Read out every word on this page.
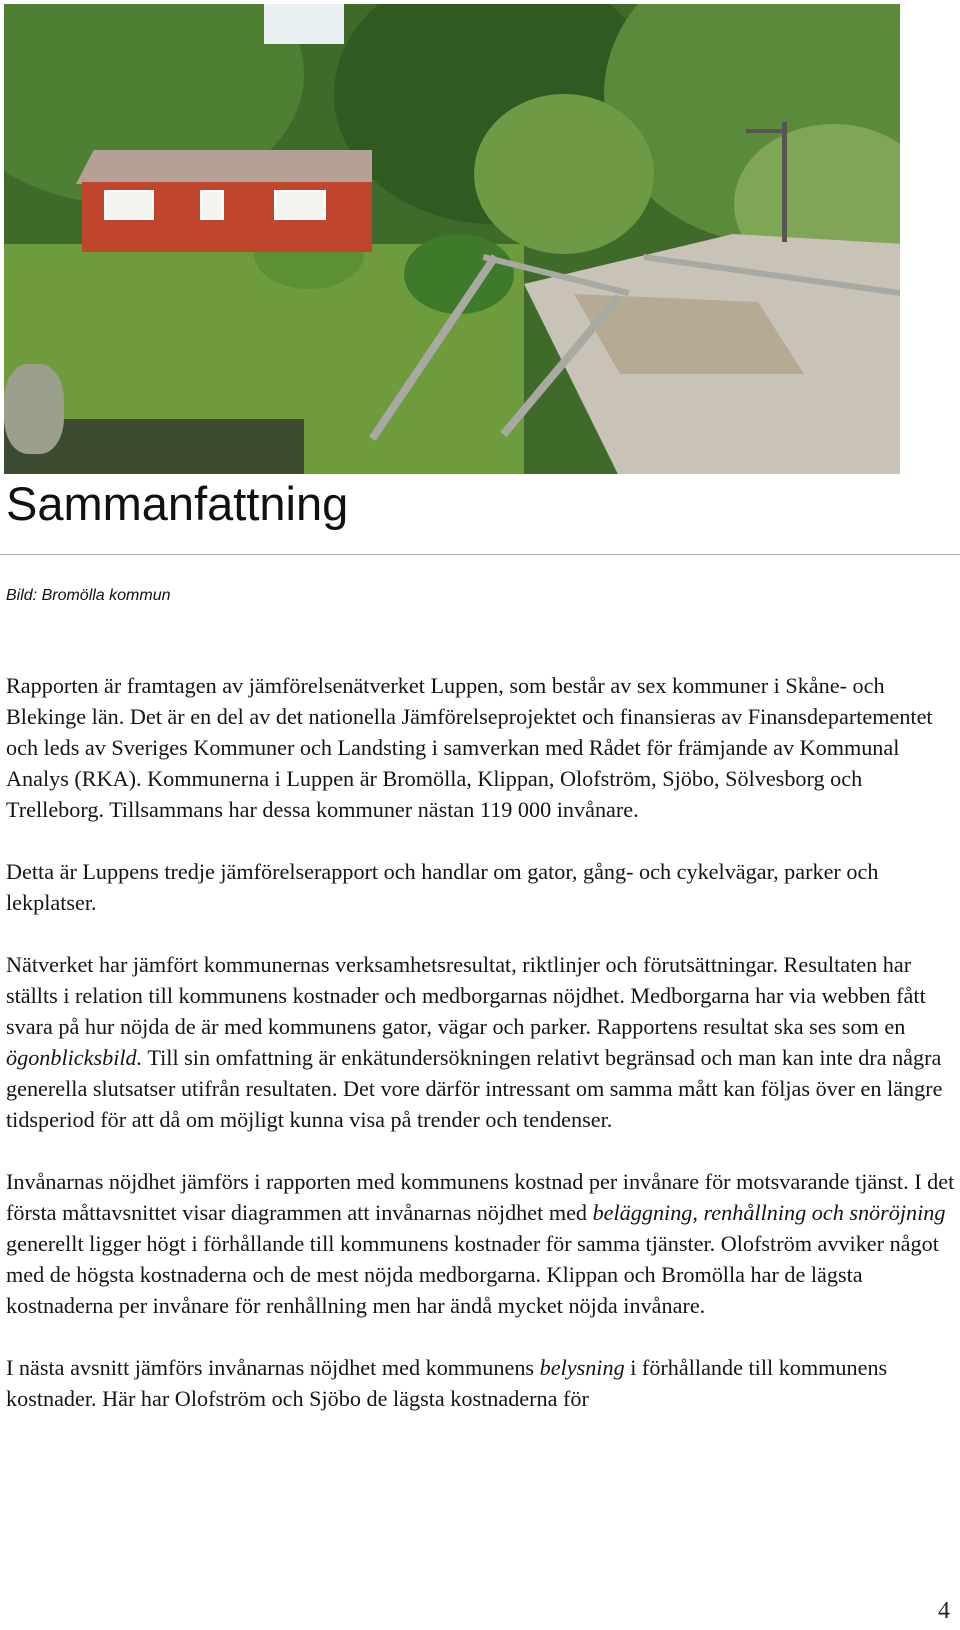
Sammanfattning
Bild: Bromölla kommun

Rapporten är framtagen av jämförelsenätverket Luppen, som består av sex kommuner i Skåne- och Blekinge län. Det är en del av det nationella Jämförelseprojektet och finansieras av Finansdepartementet och leds av Sveriges Kommuner och Landsting i samverkan med Rådet för främjande av Kommunal Analys (RKA). Kommunerna i Luppen är Bromölla, Klippan, Olofström, Sjöbo, Sölvesborg och Trelleborg. Tillsammans har dessa kommuner nästan 119 000 invånare.

Detta är Luppens tredje jämförelserapport och handlar om gator, gång- och cykelvägar, parker och lekplatser.

Nätverket har jämfört kommunernas verksamhetsresultat, riktlinjer och förutsättningar. Resultaten har ställts i relation till kommunens kostnader och medborgarnas nöjdhet. Medborgarna har via webben fått svara på hur nöjda de är med kommunens gator, vägar och parker. Rapportens resultat ska ses som en ögonblicksbild. Till sin omfattning är enkätundersökningen relativt begränsad och man kan inte dra några generella slutsatser utifrån resultaten. Det vore därför intressant om samma mått kan följas över en längre tidsperiod för att då om möjligt kunna visa på trender och tendenser.

Invånarnas nöjdhet jämförs i rapporten med kommunens kostnad per invånare för motsvarande tjänst. I det första måttavsnittet visar diagrammen att invånarnas nöjdhet med beläggning, renhållning och snöröjning generellt ligger högt i förhållande till kommunens kostnader för samma tjänster. Olofström avviker något med de högsta kostnaderna och de mest nöjda medborgarna. Klippan och Bromölla har de lägsta kostnaderna per invånare för renhållning men har ändå mycket nöjda invånare.

I nästa avsnitt jämförs invånarnas nöjdhet med kommunens belysning i förhållande till kommunens kostnader. Här har Olofström och Sjöbo de lägsta kostnaderna för

4
